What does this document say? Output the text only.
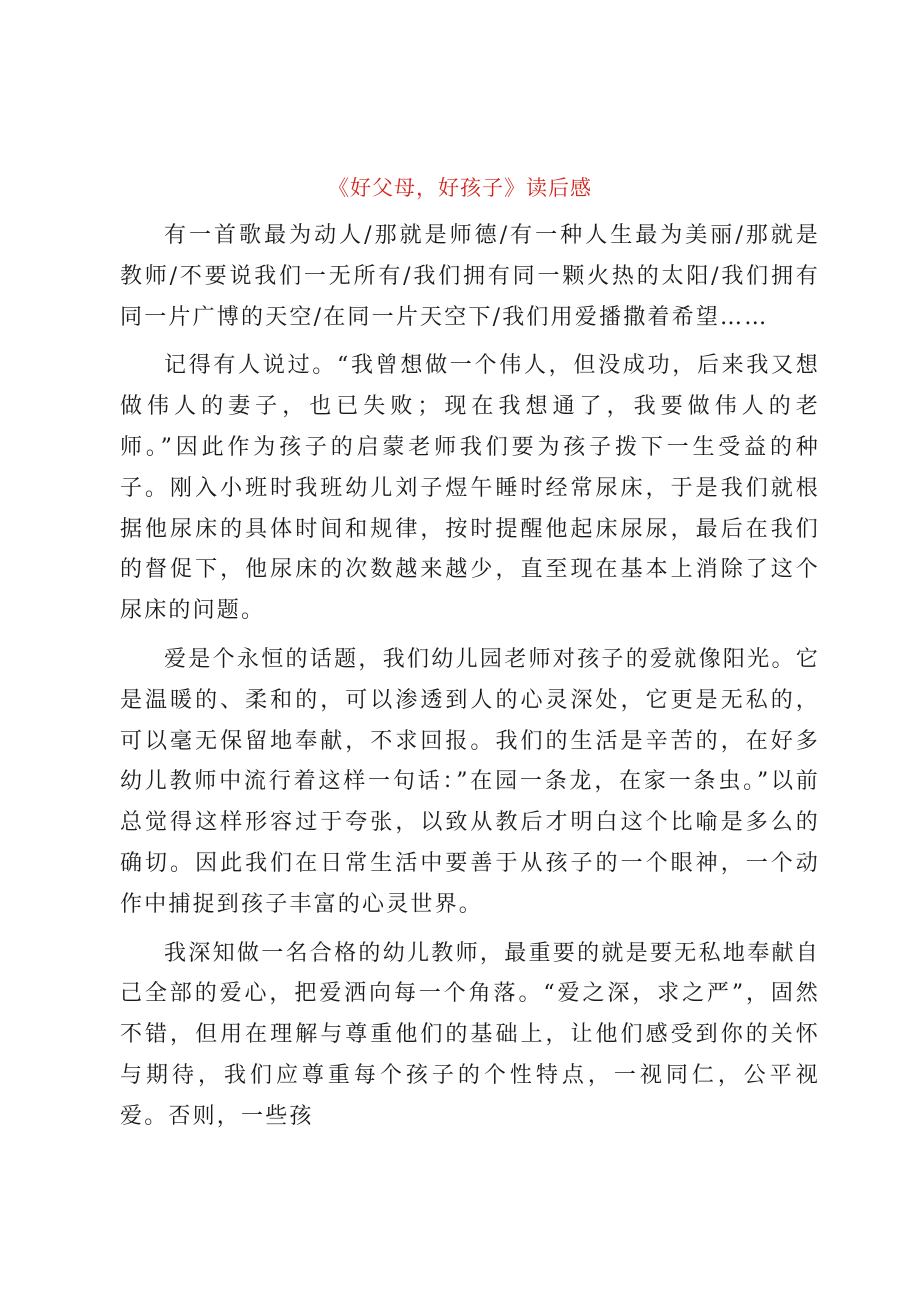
《好父母，好孩子》读后感

有一首歌最为动人/那就是师德/有一种人生最为美丽/那就是教师/不要说我们一无所有/我们拥有同一颗火热的太阳/我们拥有同一片广博的天空/在同一片天空下/我们用爱播撒着希望……

记得有人说过。“我曾想做一个伟人，但没成功，后来我又想做伟人的妻子，也已失败；现在我想通了，我要做伟人的老师。”因此作为孩子的启蒙老师我们要为孩子拨下一生受益的种子。刚入小班时我班幼儿刘子煜午睡时经常尿床，于是我们就根据他尿床的具体时间和规律，按时提醒他起床尿尿，最后在我们的督促下，他尿床的次数越来越少，直至现在基本上消除了这个尿床的问题。

爱是个永恒的话题，我们幼儿园老师对孩子的爱就像阳光。它是温暖的、柔和的，可以渗透到人的心灵深处，它更是无私的，可以毫无保留地奉献，不求回报。我们的生活是辛苦的，在好多幼儿教师中流行着这样一句话：”在园一条龙，在家一条虫。”以前总觉得这样形容过于夸张，以致从教后才明白这个比喻是多么的确切。因此我们在日常生活中要善于从孩子的一个眼神，一个动作中捕捉到孩子丰富的心灵世界。

我深知做一名合格的幼儿教师，最重要的就是要无私地奉献自己全部的爱心，把爱洒向每一个角落。“爱之深，求之严”，固然不错，但用在理解与尊重他们的基础上，让他们感受到你的关怀与期待，我们应尊重每个孩子的个性特点，一视同仁，公平视爱。否则，一些孩
